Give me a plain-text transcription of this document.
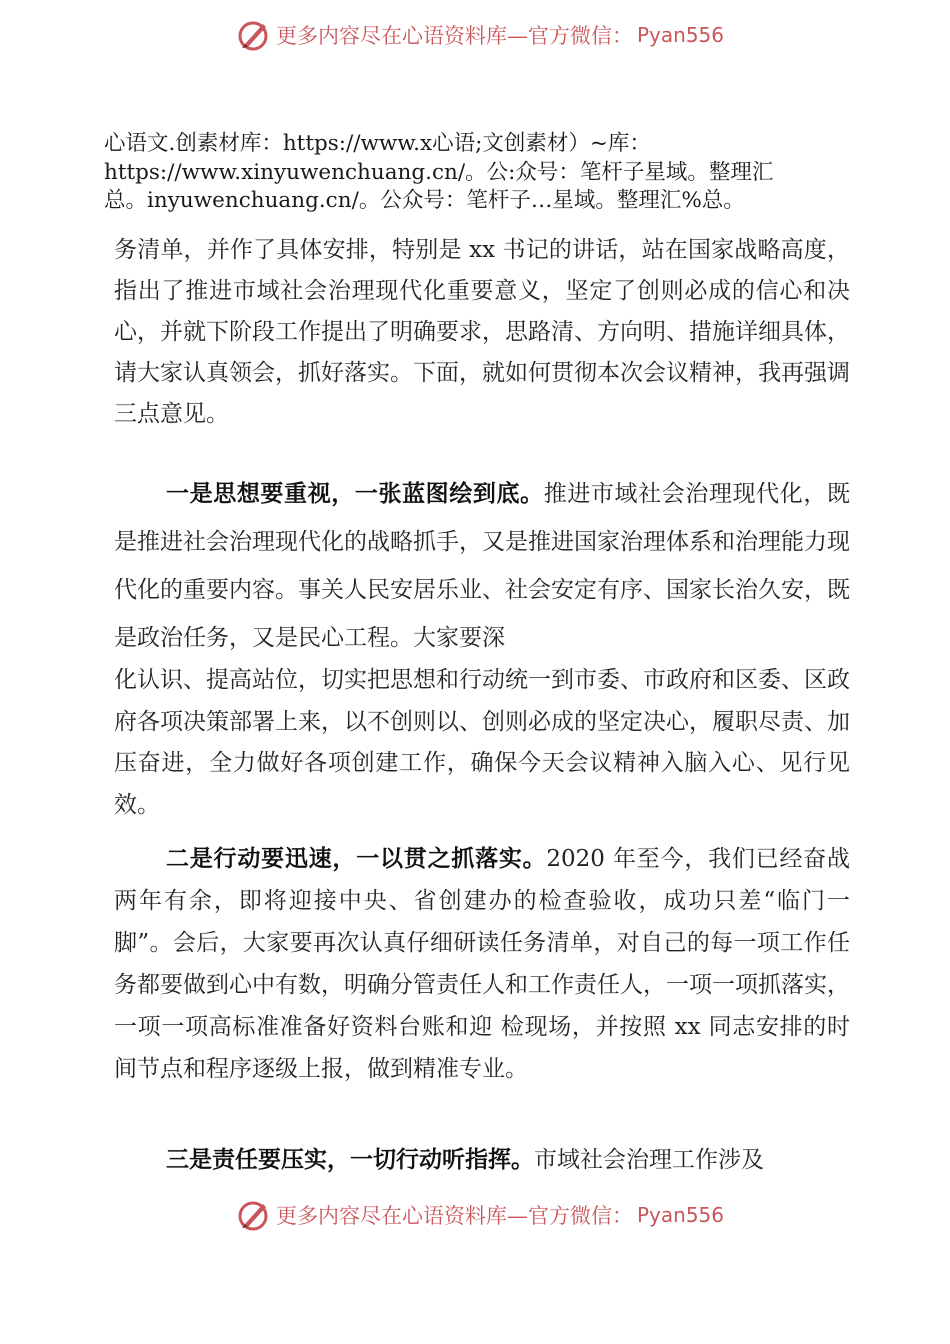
更多内容尽在心语资料库—官方微信： Pyan556
心语文.创素材库：https://www.x心语;文创素材）~库：
https://www.xinyuwenchuang.cn/。公:众号：笔杆子星域。整理汇
总。inyuwenchuang.cn/。公众号：笔杆子…星域。整理汇%总。

务清单，并作了具体安排，特别是 xx 书记的讲话，站在国家战略高度，指出了推进市域社会治理现代化重要意义，坚定了创则必成的信心和决心，并就下阶段工作提出了明确要求，思路清、方向明、措施详细具体，请大家认真领会，抓好落实。下面，就如何贯彻本次会议精神，我再强调三点意见。

一是思想要重视，一张蓝图绘到底。推进市域社会治理现代化，既是推进社会治理现代化的战略抓手，又是推进国家治理体系和治理能力现代化的重要内容。事关人民安居乐业、社会安定有序、国家长治久安，既是政治任务，又是民心工程。大家要深

化认识、提高站位，切实把思想和行动统一到市委、市政府和区委、区政府各项决策部署上来，以不创则以、创则必成的坚定决心，履职尽责、加压奋进，全力做好各项创建工作，确保今天会议精神入脑入心、见行见效。

二是行动要迅速，一以贯之抓落实。2020 年至今，我们已经奋战两年有余，即将迎接中央、省创建办的检查验收，成功只差“临门一脚”。会后，大家要再次认真仔细研读任务清单，对自己的每一项工作任务都要做到心中有数，明确分管责任人和工作责任人，一项一项抓落实，一项一项高标准准备好资料台账和迎 检现场，并按照 xx 同志安排的时间节点和程序逐级上报，做到精准专业。

三是责任要压实，一切行动听指挥。市域社会治理工作涉及

更多内容尽在心语资料库—官方微信： Pyan556
